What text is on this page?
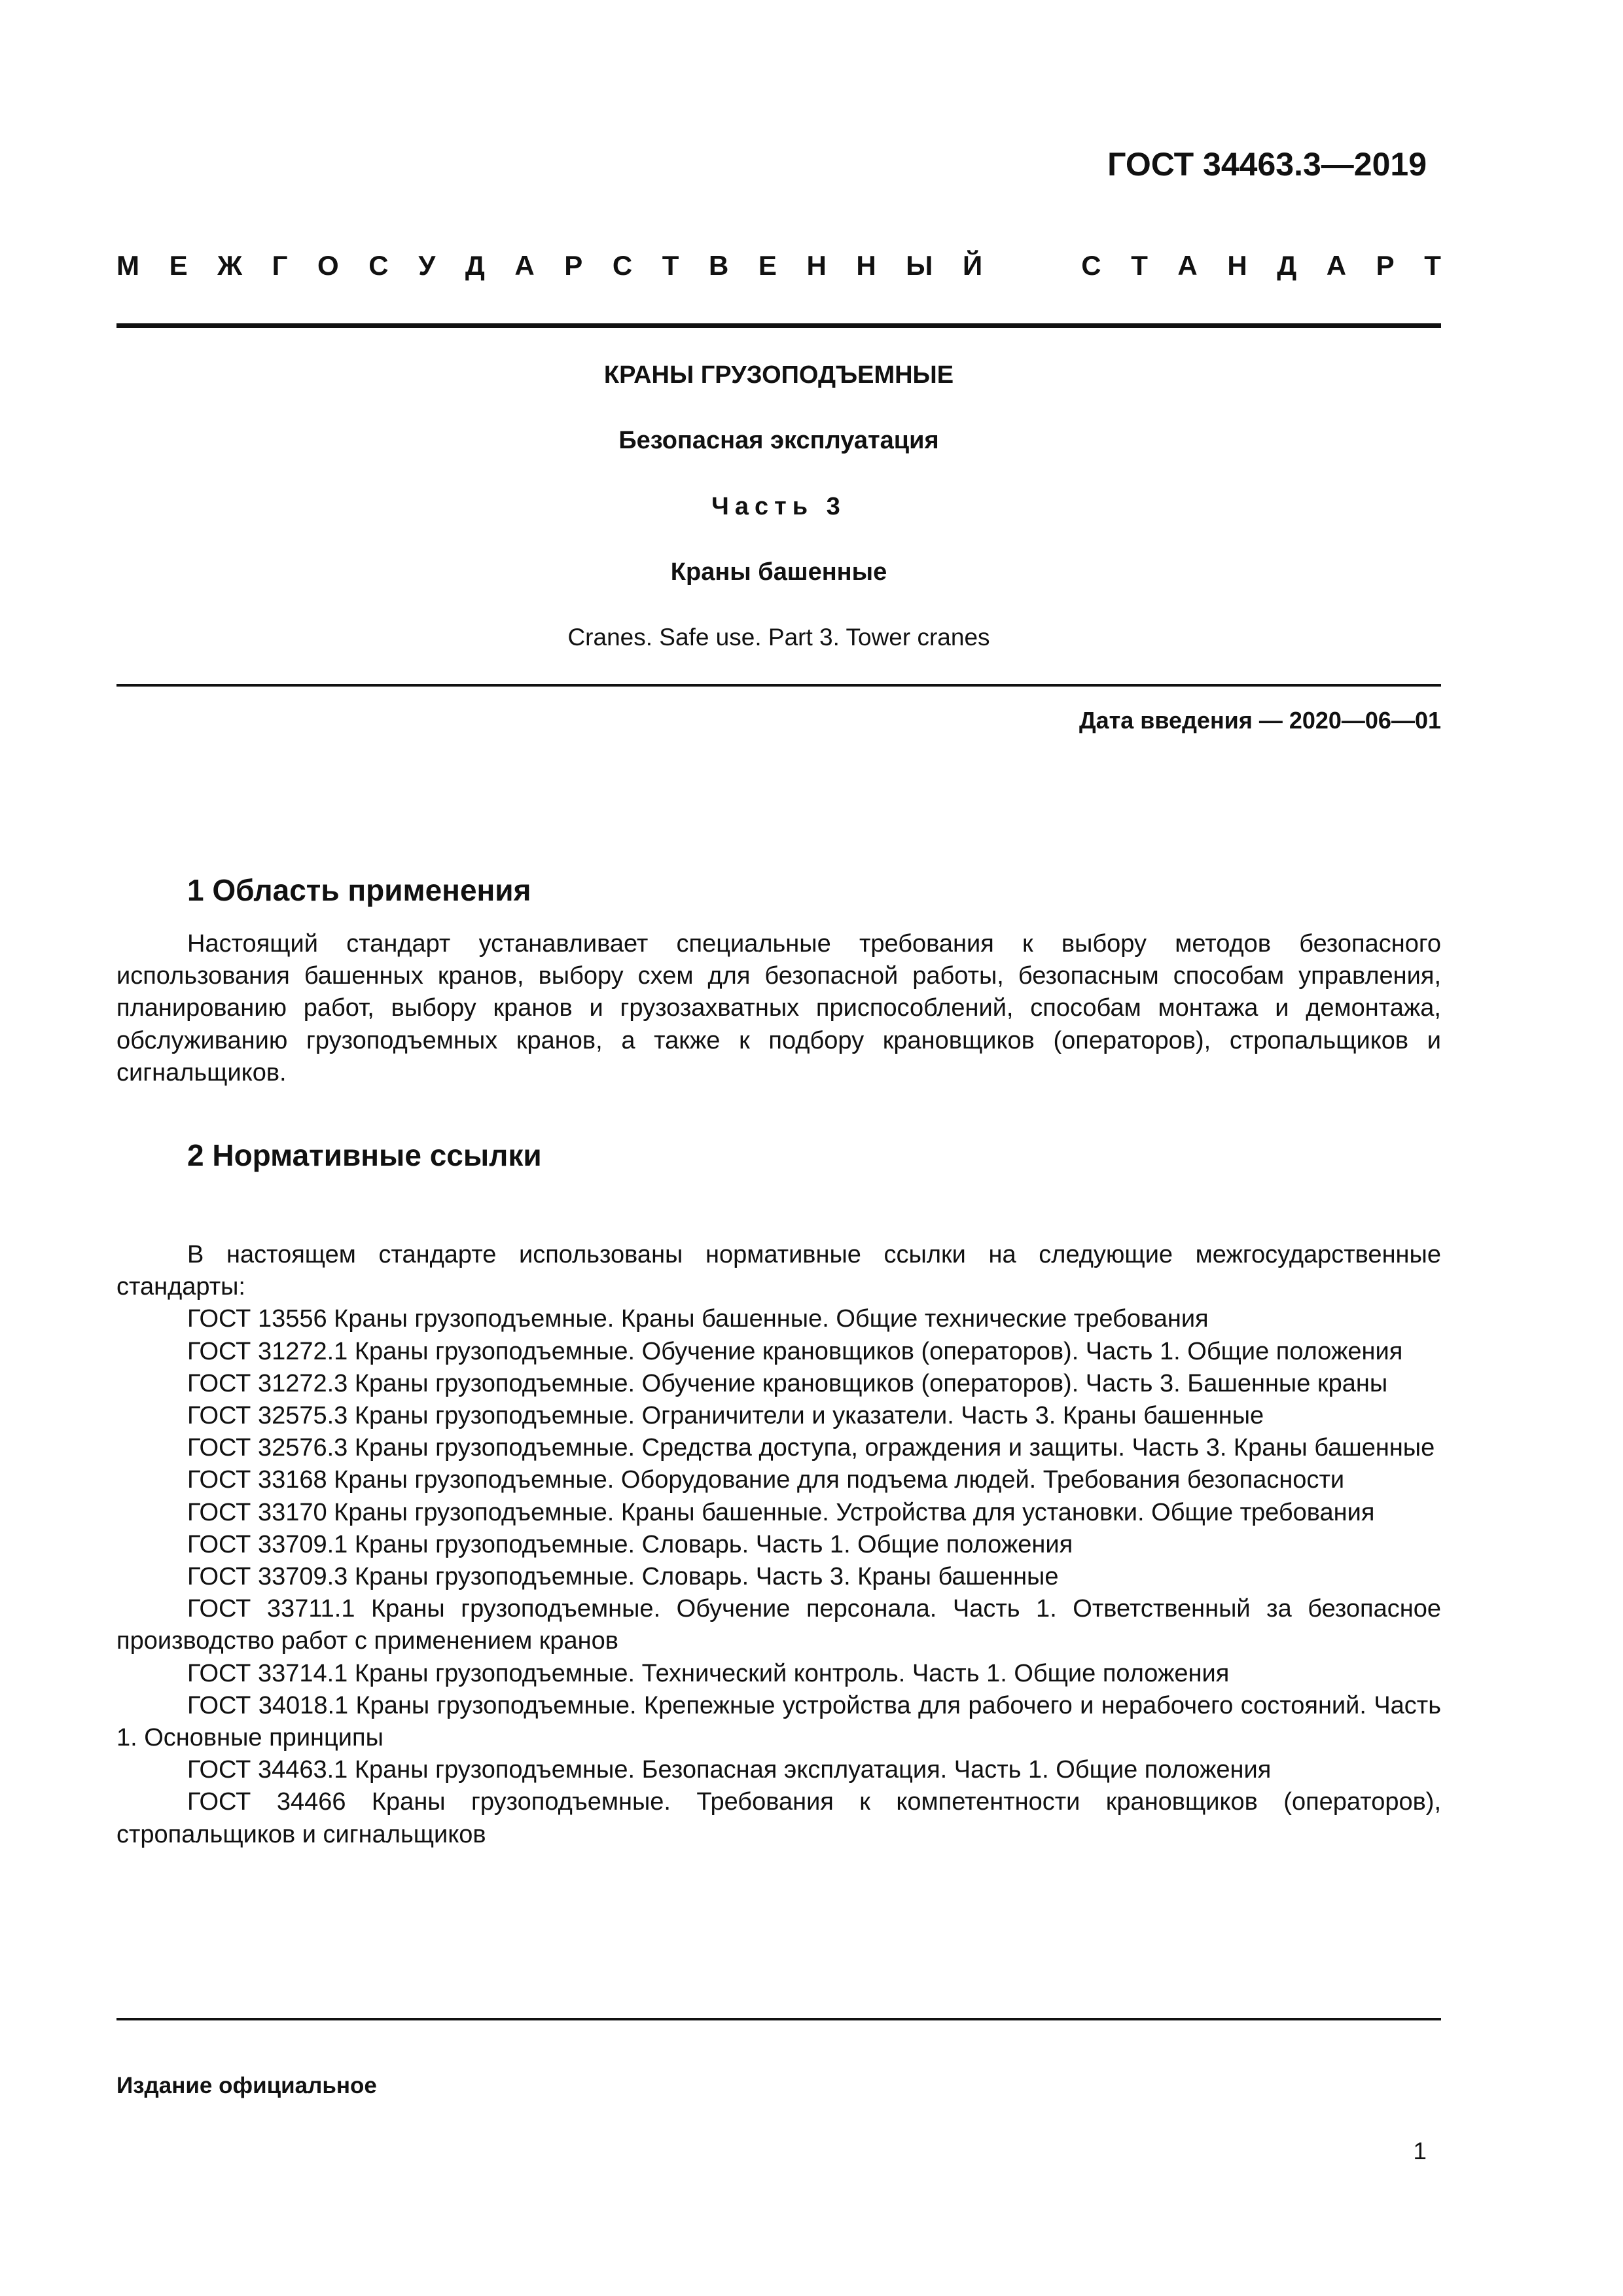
ГОСТ 34463.3—2019
М Е Ж Г О С У Д А Р С Т В Е Н Н Ы Й	С Т А Н Д А Р Т
КРАНЫ ГРУЗОПОДЪЕМНЫЕ
Безопасная эксплуатация
Часть 3
Краны башенные
Cranes. Safe use. Part 3. Tower cranes
Дата введения — 2020—06—01
1 Область применения
Настоящий стандарт устанавливает специальные требования к выбору методов безопасного использования башенных кранов, выбору схем для безопасной работы, безопасным способам управления, планированию работ, выбору кранов и грузозахватных приспособлений, способам монтажа и демонтажа, обслуживанию грузоподъемных кранов, а также к подбору крановщиков (операторов), стропальщиков и сигнальщиков.
2 Нормативные ссылки

В настоящем стандарте использованы нормативные ссылки на следующие межгосударственные стандарты:

ГОСТ 13556 Краны грузоподъемные. Краны башенные. Общие технические требования

ГОСТ 31272.1 Краны грузоподъемные. Обучение крановщиков (операторов). Часть 1. Общие положения

ГОСТ 31272.3 Краны грузоподъемные. Обучение крановщиков (операторов). Часть 3. Башенные краны

ГОСТ 32575.3 Краны грузоподъемные. Ограничители и указатели. Часть 3. Краны башенные

ГОСТ 32576.3 Краны грузоподъемные. Средства доступа, ограждения и защиты. Часть 3. Краны башенные

ГОСТ 33168 Краны грузоподъемные. Оборудование для подъема людей. Требования безопасности

ГОСТ 33170 Краны грузоподъемные. Краны башенные. Устройства для установки. Общие требования

ГОСТ 33709.1 Краны грузоподъемные. Словарь. Часть 1. Общие положения

ГОСТ 33709.3 Краны грузоподъемные. Словарь. Часть 3. Краны башенные

ГОСТ 33711.1 Краны грузоподъемные. Обучение персонала. Часть 1. Ответственный за безопасное производство работ с применением кранов

ГОСТ 33714.1 Краны грузоподъемные. Технический контроль. Часть 1. Общие положения

ГОСТ 34018.1 Краны грузоподъемные. Крепежные устройства для рабочего и нерабочего состояний. Часть 1. Основные принципы

ГОСТ 34463.1 Краны грузоподъемные. Безопасная эксплуатация. Часть 1. Общие положения

ГОСТ 34466 Краны грузоподъемные. Требования к компетентности крановщиков (операторов), стропальщиков и сигнальщиков

Издание официальное
1
